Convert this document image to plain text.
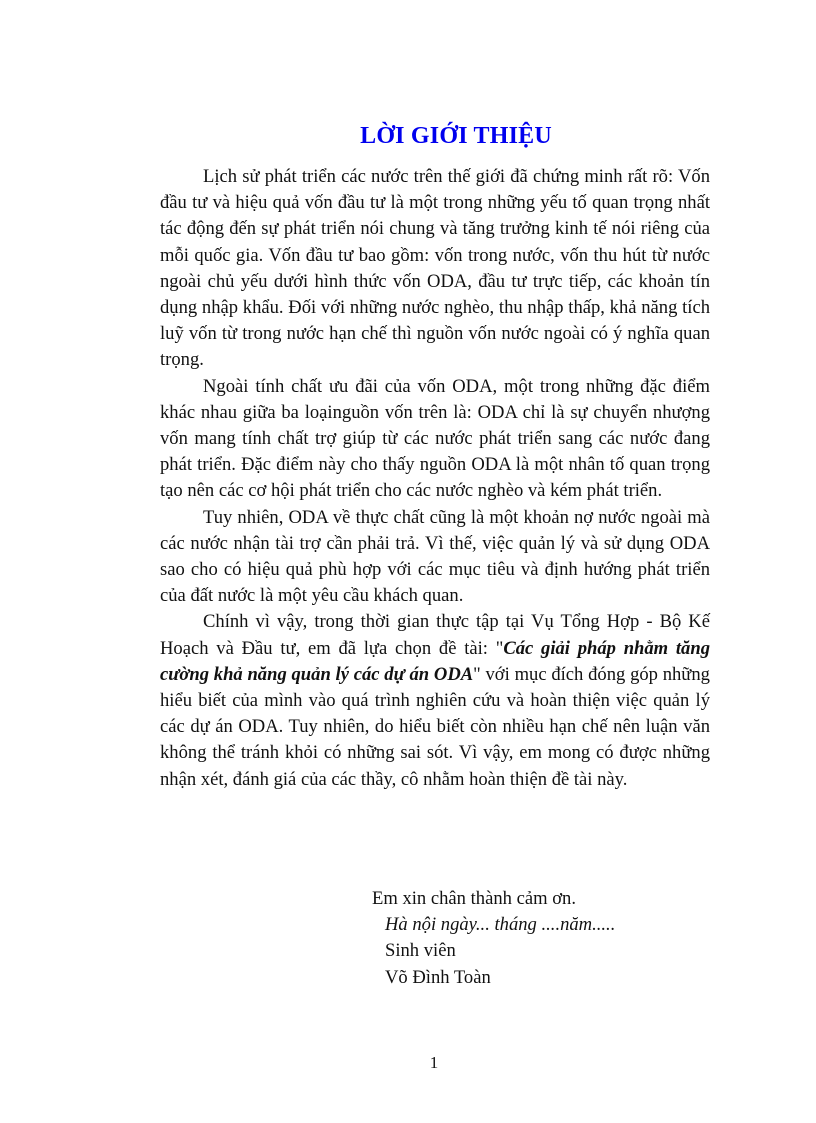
LỜI GIỚI THIỆU

Lịch sử phát triển các nước trên thế giới đã chứng minh rất rõ: Vốn đầu tư và hiệu quả vốn đầu tư là một trong những yếu tố quan trọng nhất tác động đến sự phát triển nói chung và tăng trưởng kinh tế nói riêng của mỗi quốc gia. Vốn đầu tư bao gồm: vốn trong nước, vốn thu hút từ nước ngoài chủ yếu dưới hình thức vốn ODA, đầu tư trực tiếp, các khoản tín dụng nhập khẩu. Đối với những nước nghèo, thu nhập thấp, khả năng tích luỹ vốn từ trong nước hạn chế thì nguồn vốn nước ngoài có ý nghĩa quan trọng.

Ngoài tính chất ưu đãi của vốn ODA, một trong những đặc điểm khác nhau giữa ba loạinguồn vốn trên là: ODA chỉ là sự chuyển nhượng vốn mang tính chất trợ giúp từ các nước phát triển sang các nước đang phát triển. Đặc điểm này cho thấy nguồn ODA là một nhân tố quan trọng tạo nên các cơ hội phát triển cho các nước nghèo và kém phát triển.

Tuy nhiên, ODA về thực chất cũng là một khoản nợ nước ngoài mà các nước nhận tài trợ cần phải trả. Vì thế, việc quản lý và sử dụng ODA sao cho có hiệu quả phù hợp với các mục tiêu và định hướng phát triển của đất nước là một yêu cầu khách quan.

Chính vì vậy, trong thời gian thực tập tại Vụ Tổng Hợp - Bộ Kế Hoạch và Đầu tư, em đã lựa chọn đề tài: "Các giải pháp nhằm tăng cường khả năng quản lý các dự án ODA" với mục đích đóng góp những hiểu biết của mình vào quá trình nghiên cứu và hoàn thiện việc quản lý các dự án ODA. Tuy nhiên, do hiểu biết còn nhiều hạn chế nên luận văn không thể tránh khỏi có những sai sót. Vì vậy, em mong có được những nhận xét, đánh giá của các thầy, cô nhằm hoàn thiện đề tài này.

Em xin chân thành cảm ơn.
Hà nội ngày... tháng ....năm.....
Sinh viên
Võ Đình Toàn
1
